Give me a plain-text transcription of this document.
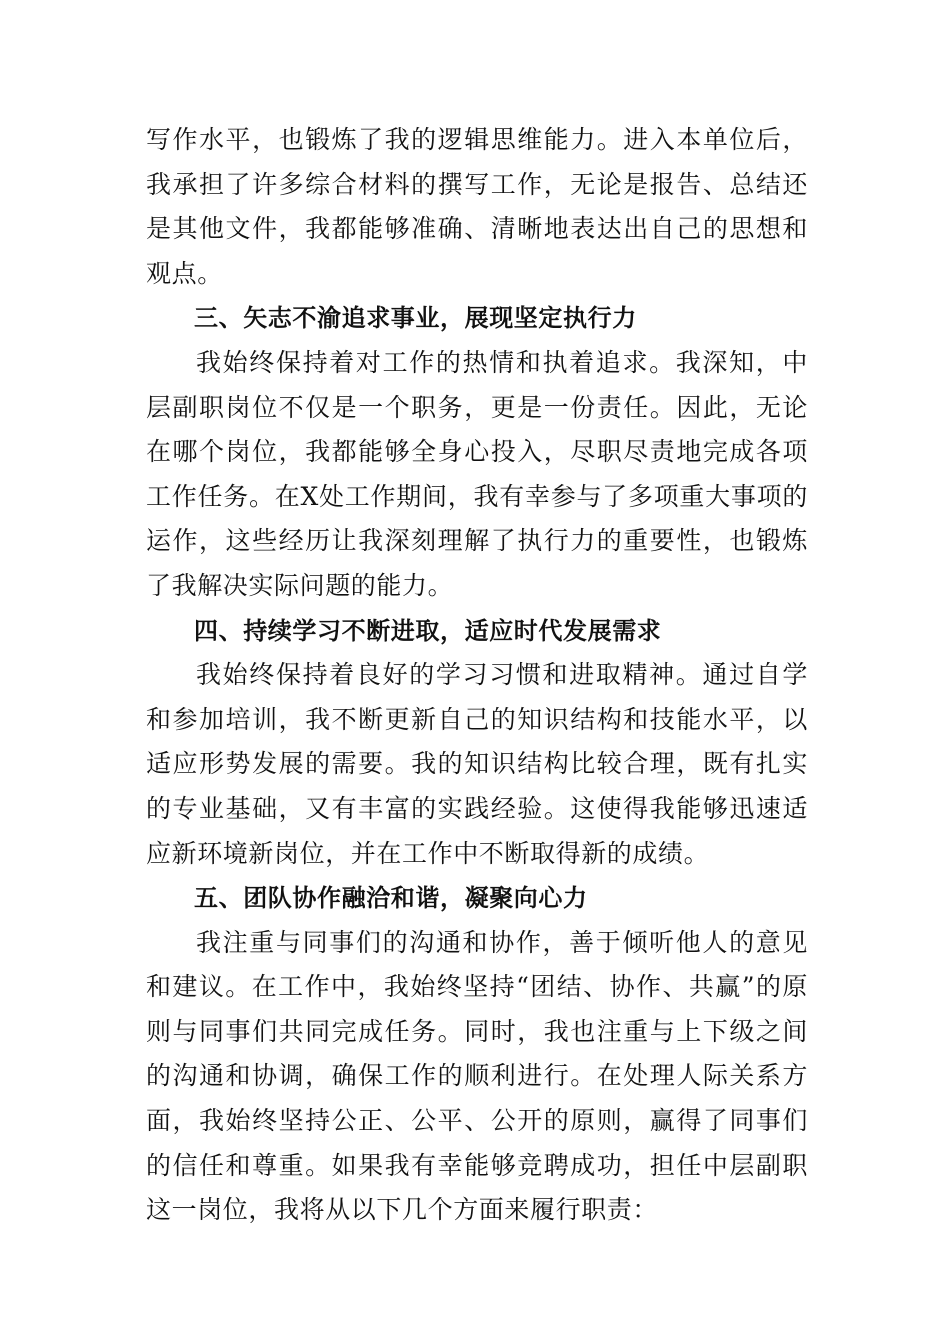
写作水平，也锻炼了我的逻辑思维能力。进入本单位后，我承担了许多综合材料的撰写工作，无论是报告、总结还是其他文件，我都能够准确、清晰地表达出自己的思想和观点。

三、矢志不渝追求事业，展现坚定执行力

我始终保持着对工作的热情和执着追求。我深知，中层副职岗位不仅是一个职务，更是一份责任。因此，无论在哪个岗位，我都能够全身心投入，尽职尽责地完成各项工作任务。在X处工作期间，我有幸参与了多项重大事项的运作，这些经历让我深刻理解了执行力的重要性，也锻炼了我解决实际问题的能力。

四、持续学习不断进取，适应时代发展需求

我始终保持着良好的学习习惯和进取精神。通过自学和参加培训，我不断更新自己的知识结构和技能水平，以适应形势发展的需要。我的知识结构比较合理，既有扎实的专业基础，又有丰富的实践经验。这使得我能够迅速适应新环境新岗位，并在工作中不断取得新的成绩。

五、团队协作融洽和谐，凝聚向心力

我注重与同事们的沟通和协作，善于倾听他人的意见和建议。在工作中，我始终坚持“团结、协作、共赢”的原则与同事们共同完成任务。同时，我也注重与上下级之间的沟通和协调，确保工作的顺利进行。在处理人际关系方面，我始终坚持公正、公平、公开的原则，赢得了同事们的信任和尊重。如果我有幸能够竞聘成功，担任中层副职这一岗位，我将从以下几个方面来履行职责：
